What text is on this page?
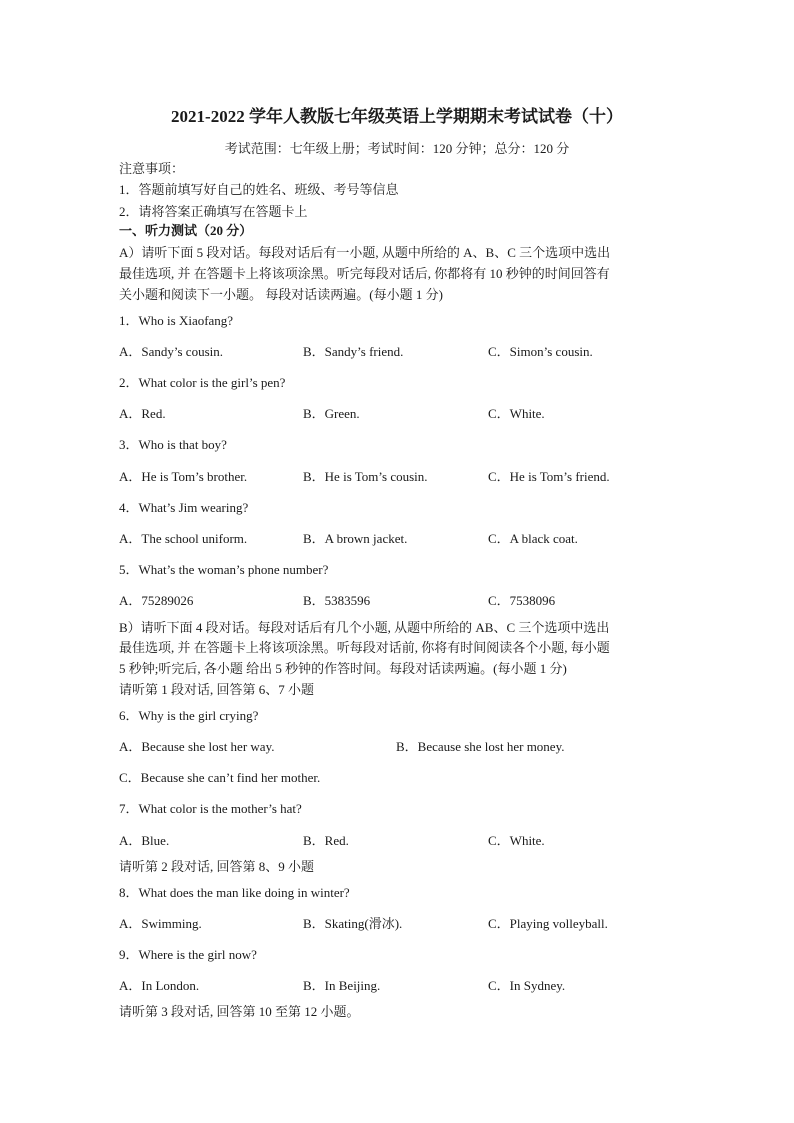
2021-2022 学年人教版七年级英语上学期期末考试试卷（十）
考试范围：七年级上册；考试时间：120 分钟；总分：120 分
注意事项：
1．答题前填写好自己的姓名、班级、考号等信息
2．请将答案正确填写在答题卡上
一、听力测试（20 分）
A）请听下面 5 段对话。每段对话后有一小题, 从题中所给的 A、B、C 三个选项中选出
最佳选项, 并 在答题卡上将该项涂黑。听完每段对话后, 你都将有 10 秒钟的时间回答有
关小题和阅读下一小题。 每段对话读两遍。(每小题 1 分)
1．Who is Xiaofang?
A．Sandy’s cousin.	B．Sandy’s friend.	C．Simon’s cousin.
2．What color is the girl’s pen?
A．Red.	B．Green.	C．White.
3．Who is that boy?
A．He is Tom’s brother.	B．He is Tom’s cousin.	C．He is Tom’s friend.
4．What’s Jim wearing?
A．The school uniform.	B．A brown jacket.	C．A black coat.
5．What’s the woman’s phone number?
A．75289026	B．5383596	C．7538096
B）请听下面 4 段对话。每段对话后有几个小题, 从题中所给的 AB、C 三个选项中选出
最佳选项, 并 在答题卡上将该项涂黑。听每段对话前, 你将有时间阅读各个小题, 每小题
5 秒钟;听完后, 各小题 给出 5 秒钟的作答时间。每段对话读两遍。(每小题 1 分)
请听第 1 段对话, 回答第 6、7 小题
6．Why is the girl crying?
A．Because she lost her way.	B．Because she lost her money.
C．Because she can’t find her mother.
7．What color is the mother’s hat?
A．Blue.	B．Red.	C．White.
请听第 2 段对话, 回答第 8、9 小题
8．What does the man like doing in winter?
A．Swimming.	B．Skating(滑冰).	C．Playing volleyball.
9．Where is the girl now?
A．In London.	B．In Beijing.	C．In Sydney.
请听第 3 段对话, 回答第 10 至第 12 小题。
